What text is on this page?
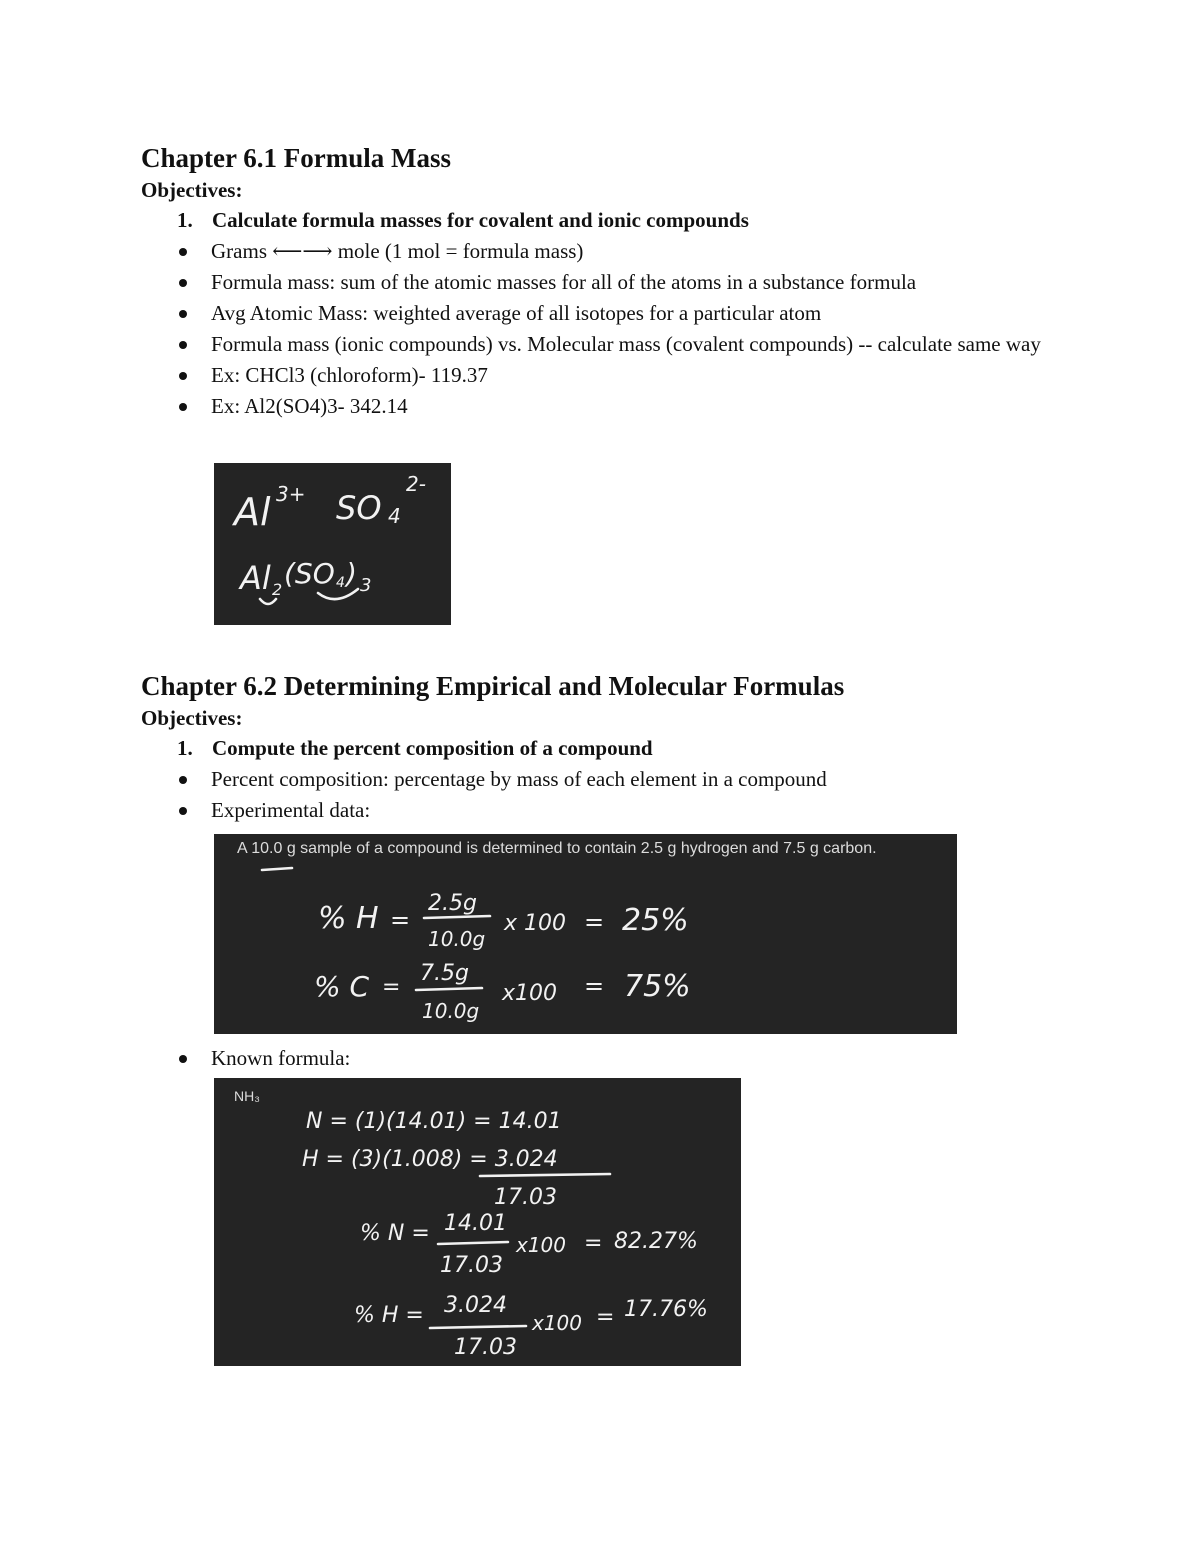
Chapter 6.1 Formula Mass
Objectives:
1. Calculate formula masses for covalent and ionic compounds
Grams ⟵⟶ mole (1 mol = formula mass)
Formula mass: sum of the atomic masses for all of the atoms in a substance formula
Avg Atomic Mass: weighted average of all isotopes for a particular atom
Formula mass (ionic compounds) vs. Molecular mass (covalent compounds) -- calculate same way
Ex: CHCl3 (chloroform)- 119.37
Ex: Al2(SO4)3- 342.14
Al 3+ SO 4
2-
Al 2 (SO 4 ) 3
Chapter 6.2 Determining Empirical and Molecular Formulas
Objectives:
1. Compute the percent composition of a compound
Percent composition: percentage by mass of each element in a compound
Experimental data:
A 10.0 g sample of a compound is determined to contain 2.5 g hydrogen and 7.5 g carbon.
% H =
2.5g
10.0g
x 100 = 25%
% C =
7.5g
10.0g
x100 = 75%
Known formula:
NH₃
N = (1)(14.01) = 14.01
H = (3)(1.008) = 3.024
17.03
% N = 14.01
17.03
x100 = 82.27%
% H = 3.024
17.03
x100 = 17.76%
